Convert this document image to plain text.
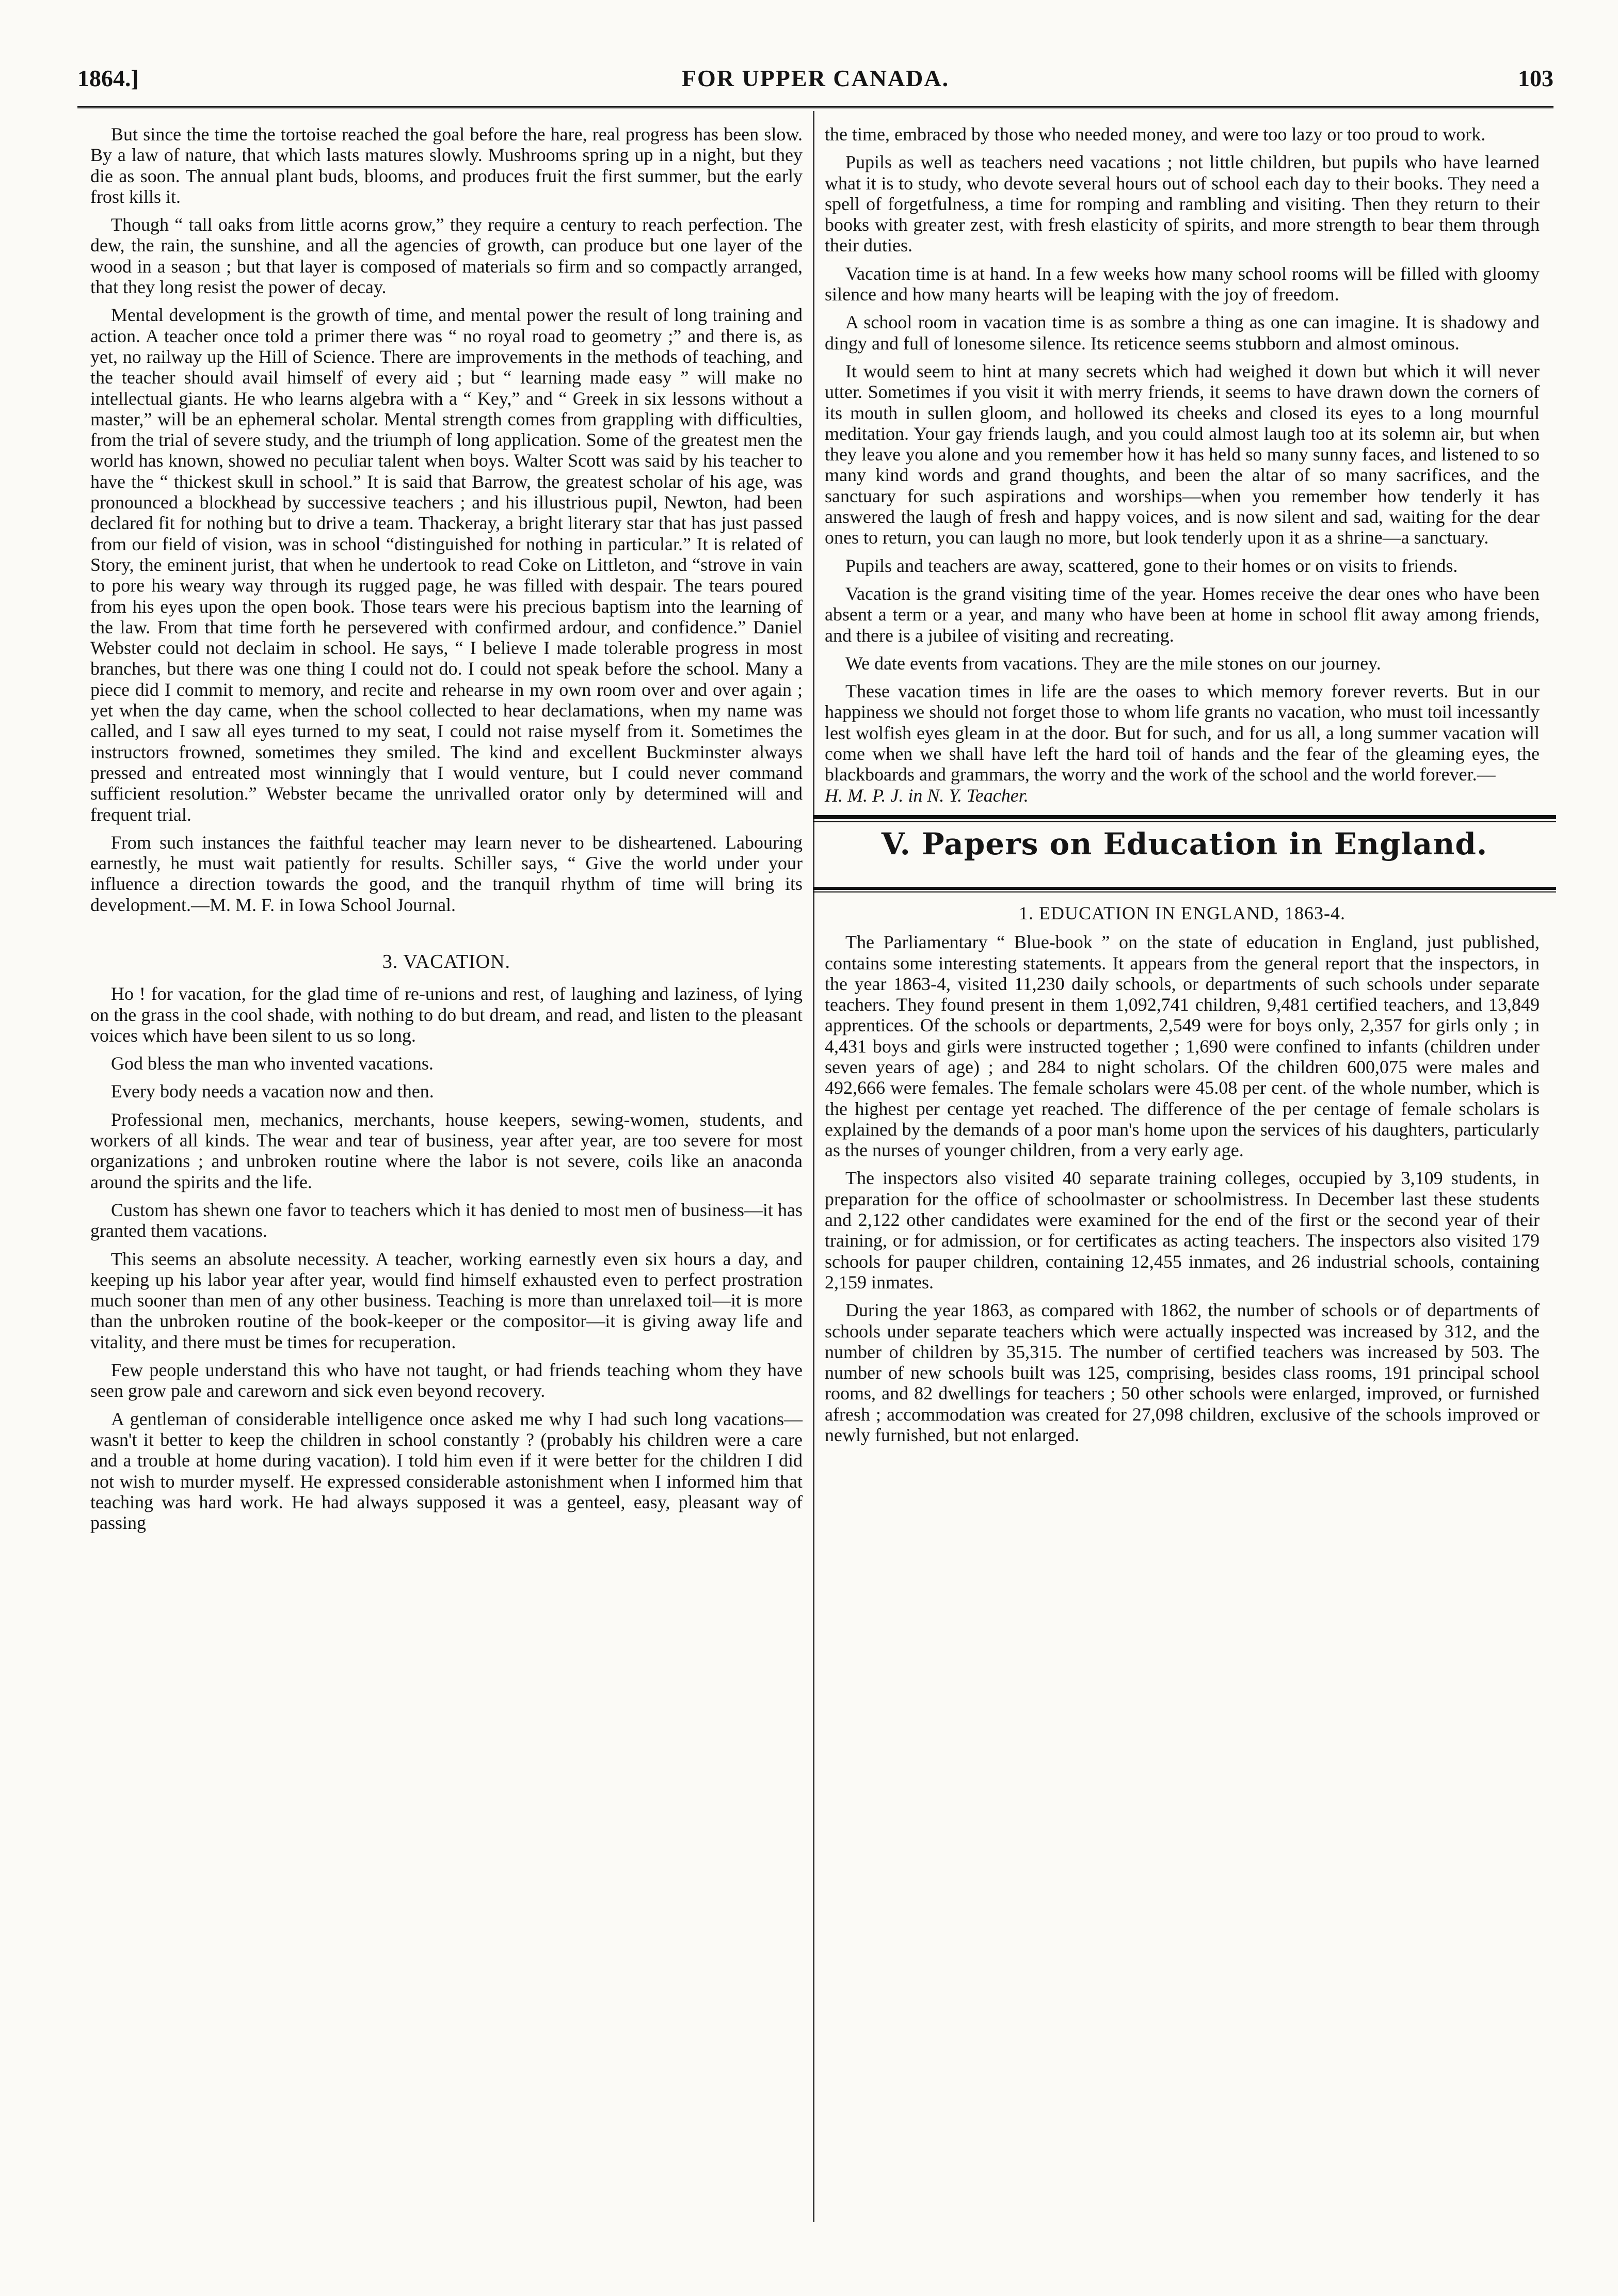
1864.]	FOR UPPER CANADA.	103

But since the time the tortoise reached the goal before the hare, real progress has been slow. By a law of nature, that which lasts matures slowly. Mushrooms spring up in a night, but they die as soon. The annual plant buds, blooms, and produces fruit the first summer, but the early frost kills it.

Though “ tall oaks from little acorns grow,” they require a century to reach perfection. The dew, the rain, the sunshine, and all the agencies of growth, can produce but one layer of the wood in a season ; but that layer is composed of materials so firm and so compactly arranged, that they long resist the power of decay.

Mental development is the growth of time, and mental power the result of long training and action. A teacher once told a primer there was “ no royal road to geometry ;” and there is, as yet, no railway up the Hill of Science. There are improvements in the methods of teaching, and the teacher should avail himself of every aid ; but “ learning made easy ” will make no intellectual giants. He who learns algebra with a “ Key,” and “ Greek in six lessons without a master,” will be an ephemeral scholar. Mental strength comes from grappling with difficulties, from the trial of severe study, and the triumph of long application. Some of the greatest men the world has known, showed no peculiar talent when boys. Walter Scott was said by his teacher to have the “ thickest skull in school.” It is said that Barrow, the greatest scholar of his age, was pronounced a blockhead by successive teachers ; and his illustrious pupil, Newton, had been declared fit for nothing but to drive a team. Thackeray, a bright literary star that has just passed from our field of vision, was in school “distinguished for nothing in particular.” It is related of Story, the eminent jurist, that when he undertook to read Coke on Littleton, and “strove in vain to pore his weary way through its rugged page, he was filled with despair. The tears poured from his eyes upon the open book. Those tears were his precious baptism into the learning of the law. From that time forth he persevered with confirmed ardour, and confidence.” Daniel Webster could not declaim in school. He says, “ I believe I made tolerable progress in most branches, but there was one thing I could not do. I could not speak before the school. Many a piece did I commit to memory, and recite and rehearse in my own room over and over again ; yet when the day came, when the school collected to hear declamations, when my name was called, and I saw all eyes turned to my seat, I could not raise myself from it. Sometimes the instructors frowned, sometimes they smiled. The kind and excellent Buckminster always pressed and entreated most winningly that I would venture, but I could never command sufficient resolution.” Webster became the unrivalled orator only by determined will and frequent trial.

From such instances the faithful teacher may learn never to be disheartened. Labouring earnestly, he must wait patiently for results. Schiller says, “ Give the world under your influence a direction towards the good, and the tranquil rhythm of time will bring its development.—M. M. F. in Iowa School Journal.

3. VACATION.

Ho ! for vacation, for the glad time of re-unions and rest, of laughing and laziness, of lying on the grass in the cool shade, with nothing to do but dream, and read, and listen to the pleasant voices which have been silent to us so long.

God bless the man who invented vacations.

Every body needs a vacation now and then.

Professional men, mechanics, merchants, house keepers, sewing-women, students, and workers of all kinds. The wear and tear of business, year after year, are too severe for most organizations ; and unbroken routine where the labor is not severe, coils like an anaconda around the spirits and the life.

Custom has shewn one favor to teachers which it has denied to most men of business—it has granted them vacations.

This seems an absolute necessity. A teacher, working earnestly even six hours a day, and keeping up his labor year after year, would find himself exhausted even to perfect prostration much sooner than men of any other business. Teaching is more than unrelaxed toil—it is more than the unbroken routine of the book-keeper or the compositor—it is giving away life and vitality, and there must be times for recuperation.

Few people understand this who have not taught, or had friends teaching whom they have seen grow pale and careworn and sick even beyond recovery.

A gentleman of considerable intelligence once asked me why I had such long vacations—wasn't it better to keep the children in school constantly ? (probably his children were a care and a trouble at home during vacation). I told him even if it were better for the children I did not wish to murder myself. He expressed considerable astonishment when I informed him that teaching was hard work. He had always supposed it was a genteel, easy, pleasant way of passing

the time, embraced by those who needed money, and were too lazy or too proud to work.

Pupils as well as teachers need vacations ; not little children, but pupils who have learned what it is to study, who devote several hours out of school each day to their books. They need a spell of forgetfulness, a time for romping and rambling and visiting. Then they return to their books with greater zest, with fresh elasticity of spirits, and more strength to bear them through their duties.

Vacation time is at hand. In a few weeks how many school rooms will be filled with gloomy silence and how many hearts will be leaping with the joy of freedom.

A school room in vacation time is as sombre a thing as one can imagine. It is shadowy and dingy and full of lonesome silence. Its reticence seems stubborn and almost ominous.

It would seem to hint at many secrets which had weighed it down but which it will never utter. Sometimes if you visit it with merry friends, it seems to have drawn down the corners of its mouth in sullen gloom, and hollowed its cheeks and closed its eyes to a long mournful meditation. Your gay friends laugh, and you could almost laugh too at its solemn air, but when they leave you alone and you remember how it has held so many sunny faces, and listened to so many kind words and grand thoughts, and been the altar of so many sacrifices, and the sanctuary for such aspirations and worships—when you remember how tenderly it has answered the laugh of fresh and happy voices, and is now silent and sad, waiting for the dear ones to return, you can laugh no more, but look tenderly upon it as a shrine—a sanctuary.

Pupils and teachers are away, scattered, gone to their homes or on visits to friends.

Vacation is the grand visiting time of the year. Homes receive the dear ones who have been absent a term or a year, and many who have been at home in school flit away among friends, and there is a jubilee of visiting and recreating.

We date events from vacations. They are the mile stones on our journey.

These vacation times in life are the oases to which memory forever reverts. But in our happiness we should not forget those to whom life grants no vacation, who must toil incessantly lest wolfish eyes gleam in at the door. But for such, and for us all, a long summer vacation will come when we shall have left the hard toil of hands and the fear of the gleaming eyes, the blackboards and grammars, the worry and the work of the school and the world forever.—

H. M. P. J. in N. Y. Teacher.

V. Papers on Education in England.
1. EDUCATION IN ENGLAND, 1863-4.

The Parliamentary “ Blue-book ” on the state of education in England, just published, contains some interesting statements. It appears from the general report that the inspectors, in the year 1863-4, visited 11,230 daily schools, or departments of such schools under separate teachers. They found present in them 1,092,741 children, 9,481 certified teachers, and 13,849 apprentices. Of the schools or departments, 2,549 were for boys only, 2,357 for girls only ; in 4,431 boys and girls were instructed together ; 1,690 were confined to infants (children under seven years of age) ; and 284 to night scholars. Of the children 600,075 were males and 492,666 were females. The female scholars were 45.08 per cent. of the whole number, which is the highest per centage yet reached. The difference of the per centage of female scholars is explained by the demands of a poor man's home upon the services of his daughters, particularly as the nurses of younger children, from a very early age.

The inspectors also visited 40 separate training colleges, occupied by 3,109 students, in preparation for the office of schoolmaster or schoolmistress. In December last these students and 2,122 other candidates were examined for the end of the first or the second year of their training, or for admission, or for certificates as acting teachers. The inspectors also visited 179 schools for pauper children, containing 12,455 inmates, and 26 industrial schools, containing 2,159 inmates.

During the year 1863, as compared with 1862, the number of schools or of departments of schools under separate teachers which were actually inspected was increased by 312, and the number of children by 35,315. The number of certified teachers was increased by 503. The number of new schools built was 125, comprising, besides class rooms, 191 principal school rooms, and 82 dwellings for teachers ; 50 other schools were enlarged, improved, or furnished afresh ; accommodation was created for 27,098 children, exclusive of the schools improved or newly furnished, but not enlarged.
